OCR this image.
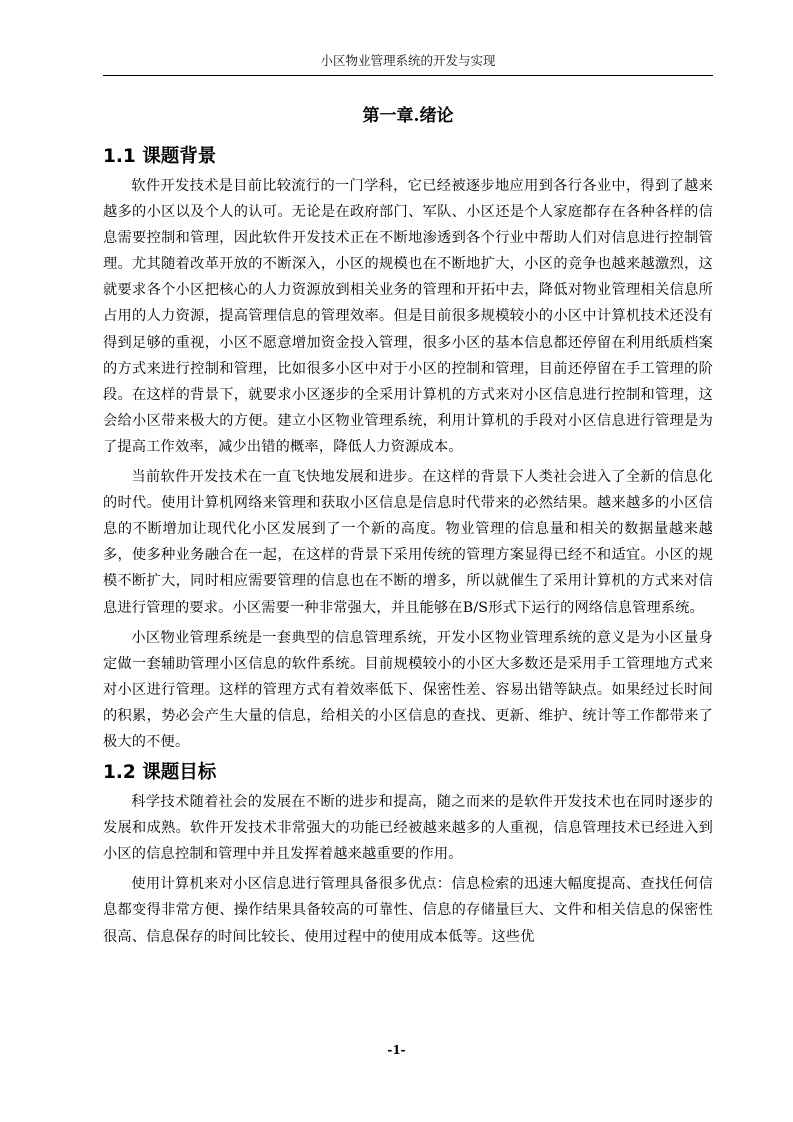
小区物业管理系统的开发与实现
第一章.绪论
1.1 课题背景

软件开发技术是目前比较流行的一门学科，它已经被逐步地应用到各行各业中，得到了越来越多的小区以及个人的认可。无论是在政府部门、军队、小区还是个人家庭都存在各种各样的信息需要控制和管理，因此软件开发技术正在不断地渗透到各个行业中帮助人们对信息进行控制管理。尤其随着改革开放的不断深入，小区的规模也在不断地扩大，小区的竞争也越来越激烈，这就要求各个小区把核心的人力资源放到相关业务的管理和开拓中去，降低对物业管理相关信息所占用的人力资源，提高管理信息的管理效率。但是目前很多规模较小的小区中计算机技术还没有得到足够的重视，小区不愿意增加资金投入管理，很多小区的基本信息都还停留在利用纸质档案的方式来进行控制和管理，比如很多小区中对于小区的控制和管理，目前还停留在手工管理的阶段。在这样的背景下，就要求小区逐步的全采用计算机的方式来对小区信息进行控制和管理，这会给小区带来极大的方便。建立小区物业管理系统，利用计算机的手段对小区信息进行管理是为了提高工作效率，减少出错的概率，降低人力资源成本。

当前软件开发技术在一直飞快地发展和进步。在这样的背景下人类社会进入了全新的信息化的时代。使用计算机网络来管理和获取小区信息是信息时代带来的必然结果。越来越多的小区信息的不断增加让现代化小区发展到了一个新的高度。物业管理的信息量和相关的数据量越来越多，使多种业务融合在一起，在这样的背景下采用传统的管理方案显得已经不和适宜。小区的规模不断扩大，同时相应需要管理的信息也在不断的增多，所以就催生了采用计算机的方式来对信息进行管理的要求。小区需要一种非常强大，并且能够在B/S形式下运行的网络信息管理系统。

小区物业管理系统是一套典型的信息管理系统，开发小区物业管理系统的意义是为小区量身定做一套辅助管理小区信息的软件系统。目前规模较小的小区大多数还是采用手工管理地方式来对小区进行管理。这样的管理方式有着效率低下、保密性差、容易出错等缺点。如果经过长时间的积累，势必会产生大量的信息，给相关的小区信息的查找、更新、维护、统计等工作都带来了极大的不便。

1.2 课题目标

科学技术随着社会的发展在不断的进步和提高，随之而来的是软件开发技术也在同时逐步的发展和成熟。软件开发技术非常强大的功能已经被越来越多的人重视，信息管理技术已经进入到小区的信息控制和管理中并且发挥着越来越重要的作用。

使用计算机来对小区信息进行管理具备很多优点：信息检索的迅速大幅度提高、查找任何信息都变得非常方便、操作结果具备较高的可靠性、信息的存储量巨大、文件和相关信息的保密性很高、信息保存的时间比较长、使用过程中的使用成本低等。这些优

-1-
